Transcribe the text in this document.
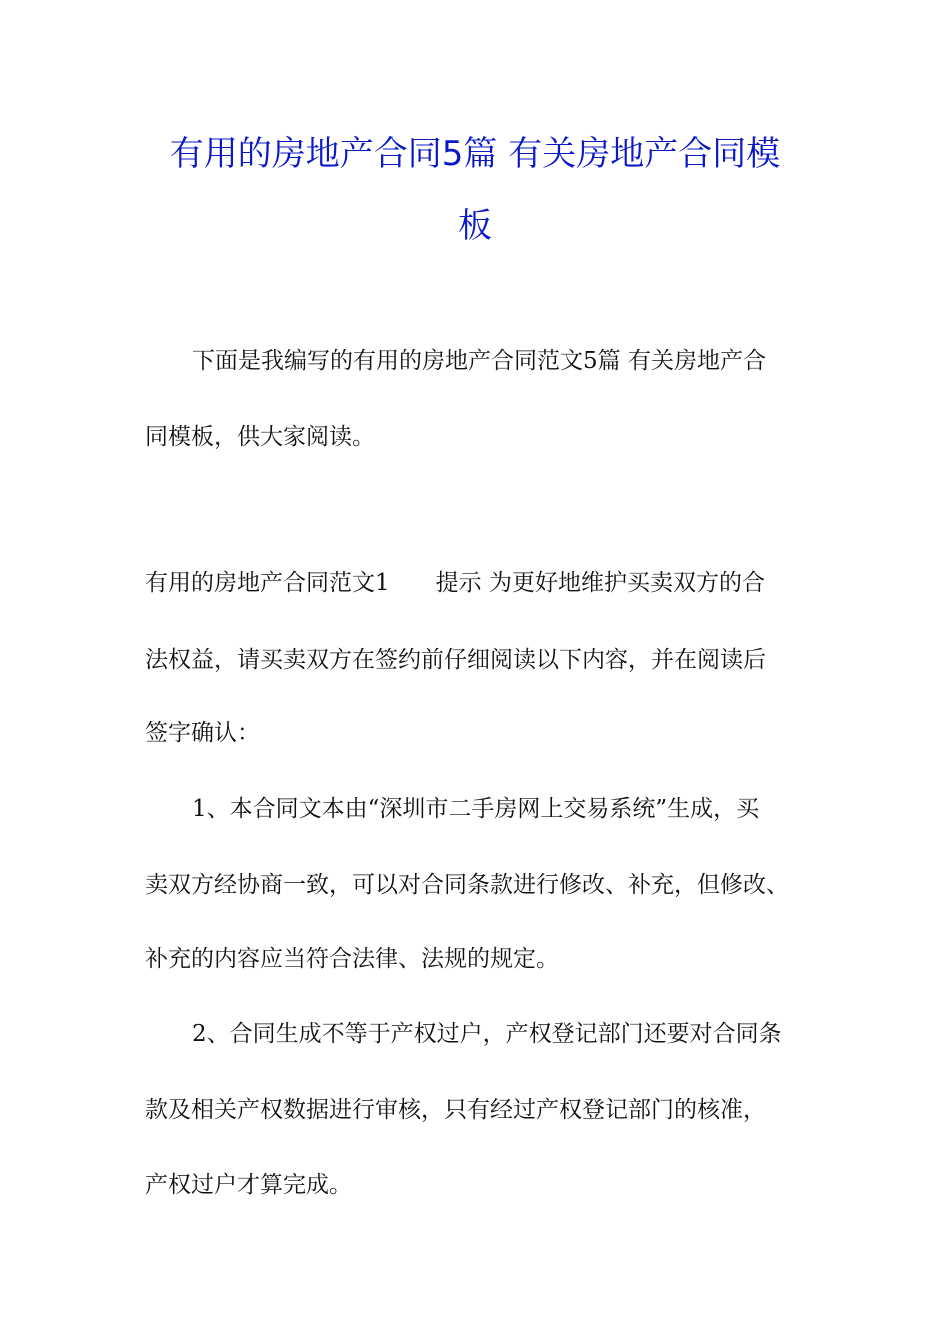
有用的房地产合同5篇 有关房地产合同模
板
下面是我编写的有用的房地产合同范文5篇 有关房地产合
同模板，供大家阅读。
有用的房地产合同范文1　　提示 为更好地维护买卖双方的合
法权益，请买卖双方在签约前仔细阅读以下内容，并在阅读后
签字确认：
1、本合同文本由“深圳市二手房网上交易系统”生成，买
卖双方经协商一致，可以对合同条款进行修改、补充，但修改、
补充的内容应当符合法律、法规的规定。
2、合同生成不等于产权过户，产权登记部门还要对合同条
款及相关产权数据进行审核，只有经过产权登记部门的核准，
产权过户才算完成。
